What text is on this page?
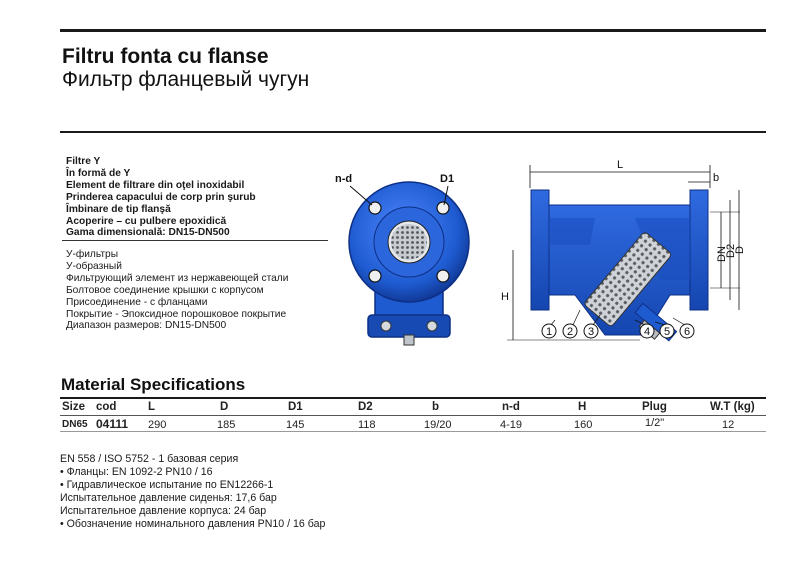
Filtru fonta cu flanse
Фильтр фланцевый чугун
Filtre Y
În formă de Y
Element de filtrare din oţel inoxidabil
Prinderea capacului de corp prin şurub
Îmbinare de tip flanşă
Acoperire – cu pulbere epoxidică
Gama dimensională: DN15-DN500
У-фильтры
У-образный
Фильтрующий элемент из нержавеющей стали
Болтовое соединение крышки с корпусом
Присоединение - с фланцами
Покрытие - Эпоксидное порошковое покрытие
Диапазон размеров: DN15-DN500
n-d	D1
L
b
DN
D2
D
H
1 2 3	4 5 6
Material Specifications
Size cod	L	D	D1	D2	b	n-d	H	Plug	W.T (kg)
DN65 04111 290	185	145	118	19/20	4-19	160	1/2"	12
EN 558 / ISO 5752 - 1 базовая серия
• Фланцы: EN 1092-2 PN10 / 16
• Гидравлическое испытание по EN12266-1
Испытательное давление сиденья: 17,6 бар
Испытательное давление корпуса: 24 бар
• Обозначение номинального давления PN10 / 16 бар
